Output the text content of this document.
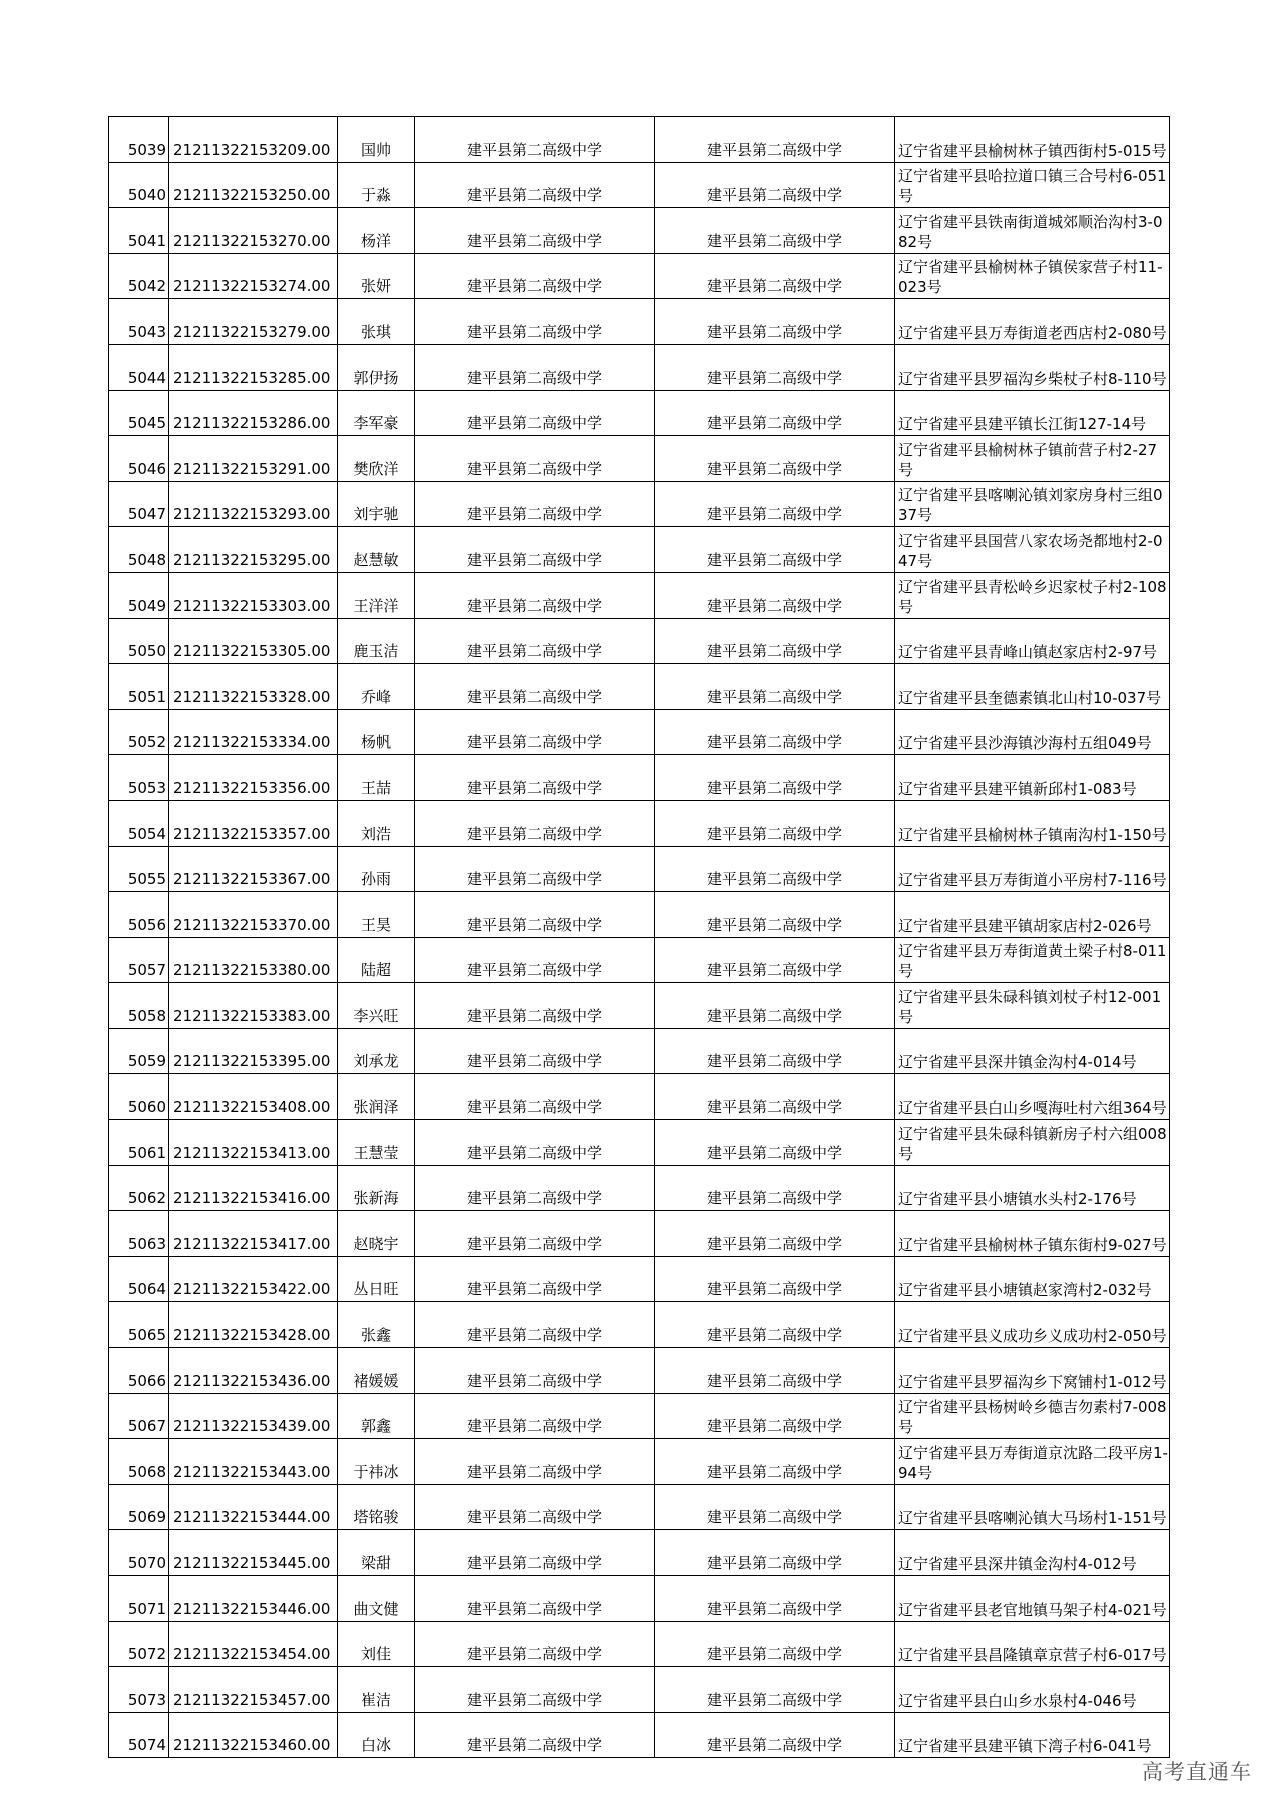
5039	21211322153209.00	国帅	建平县第二高级中学	建平县第二高级中学	辽宁省建平县榆树林子镇西街村5-015号
5040	21211322153250.00	于淼	建平县第二高级中学	建平县第二高级中学	辽宁省建平县哈拉道口镇三合号村6-051号
5041	21211322153270.00	杨洋	建平县第二高级中学	建平县第二高级中学	辽宁省建平县铁南街道城郊顺治沟村3-082号
5042	21211322153274.00	张妍	建平县第二高级中学	建平县第二高级中学	辽宁省建平县榆树林子镇侯家营子村11-023号
5043	21211322153279.00	张琪	建平县第二高级中学	建平县第二高级中学	辽宁省建平县万寿街道老西店村2-080号
5044	21211322153285.00	郭伊扬	建平县第二高级中学	建平县第二高级中学	辽宁省建平县罗福沟乡柴杖子村8-110号
5045	21211322153286.00	李军豪	建平县第二高级中学	建平县第二高级中学	辽宁省建平县建平镇长江街127-14号
5046	21211322153291.00	樊欣洋	建平县第二高级中学	建平县第二高级中学	辽宁省建平县榆树林子镇前营子村2-27号
5047	21211322153293.00	刘宇驰	建平县第二高级中学	建平县第二高级中学	辽宁省建平县喀喇沁镇刘家房身村三组037号
5048	21211322153295.00	赵慧敏	建平县第二高级中学	建平县第二高级中学	辽宁省建平县国营八家农场尧都地村2-047号
5049	21211322153303.00	王洋洋	建平县第二高级中学	建平县第二高级中学	辽宁省建平县青松岭乡迟家杖子村2-108号
5050	21211322153305.00	鹿玉洁	建平县第二高级中学	建平县第二高级中学	辽宁省建平县青峰山镇赵家店村2-97号
5051	21211322153328.00	乔峰	建平县第二高级中学	建平县第二高级中学	辽宁省建平县奎德素镇北山村10-037号
5052	21211322153334.00	杨帆	建平县第二高级中学	建平县第二高级中学	辽宁省建平县沙海镇沙海村五组049号
5053	21211322153356.00	王喆	建平县第二高级中学	建平县第二高级中学	辽宁省建平县建平镇新邱村1-083号
5054	21211322153357.00	刘浩	建平县第二高级中学	建平县第二高级中学	辽宁省建平县榆树林子镇南沟村1-150号
5055	21211322153367.00	孙雨	建平县第二高级中学	建平县第二高级中学	辽宁省建平县万寿街道小平房村7-116号
5056	21211322153370.00	王昊	建平县第二高级中学	建平县第二高级中学	辽宁省建平县建平镇胡家店村2-026号
5057	21211322153380.00	陆超	建平县第二高级中学	建平县第二高级中学	辽宁省建平县万寿街道黄土梁子村8-011号
5058	21211322153383.00	李兴旺	建平县第二高级中学	建平县第二高级中学	辽宁省建平县朱碌科镇刘杖子村12-001号
5059	21211322153395.00	刘承龙	建平县第二高级中学	建平县第二高级中学	辽宁省建平县深井镇金沟村4-014号
5060	21211322153408.00	张润泽	建平县第二高级中学	建平县第二高级中学	辽宁省建平县白山乡嘎海吐村六组364号
5061	21211322153413.00	王慧莹	建平县第二高级中学	建平县第二高级中学	辽宁省建平县朱碌科镇新房子村六组008号
5062	21211322153416.00	张新海	建平县第二高级中学	建平县第二高级中学	辽宁省建平县小塘镇水头村2-176号
5063	21211322153417.00	赵晓宇	建平县第二高级中学	建平县第二高级中学	辽宁省建平县榆树林子镇东街村9-027号
5064	21211322153422.00	丛日旺	建平县第二高级中学	建平县第二高级中学	辽宁省建平县小塘镇赵家湾村2-032号
5065	21211322153428.00	张鑫	建平县第二高级中学	建平县第二高级中学	辽宁省建平县义成功乡义成功村2-050号
5066	21211322153436.00	褚媛媛	建平县第二高级中学	建平县第二高级中学	辽宁省建平县罗福沟乡下窝铺村1-012号
5067	21211322153439.00	郭鑫	建平县第二高级中学	建平县第二高级中学	辽宁省建平县杨树岭乡德吉勿素村7-008号
5068	21211322153443.00	于祎冰	建平县第二高级中学	建平县第二高级中学	辽宁省建平县万寿街道京沈路二段平房1-94号
5069	21211322153444.00	塔铭骏	建平县第二高级中学	建平县第二高级中学	辽宁省建平县喀喇沁镇大马场村1-151号
5070	21211322153445.00	梁甜	建平县第二高级中学	建平县第二高级中学	辽宁省建平县深井镇金沟村4-012号
5071	21211322153446.00	曲文健	建平县第二高级中学	建平县第二高级中学	辽宁省建平县老官地镇马架子村4-021号
5072	21211322153454.00	刘佳	建平县第二高级中学	建平县第二高级中学	辽宁省建平县昌隆镇章京营子村6-017号
5073	21211322153457.00	崔洁	建平县第二高级中学	建平县第二高级中学	辽宁省建平县白山乡水泉村4-046号
5074	21211322153460.00	白冰	建平县第二高级中学	建平县第二高级中学	辽宁省建平县建平镇下湾子村6-041号
高考直通车
